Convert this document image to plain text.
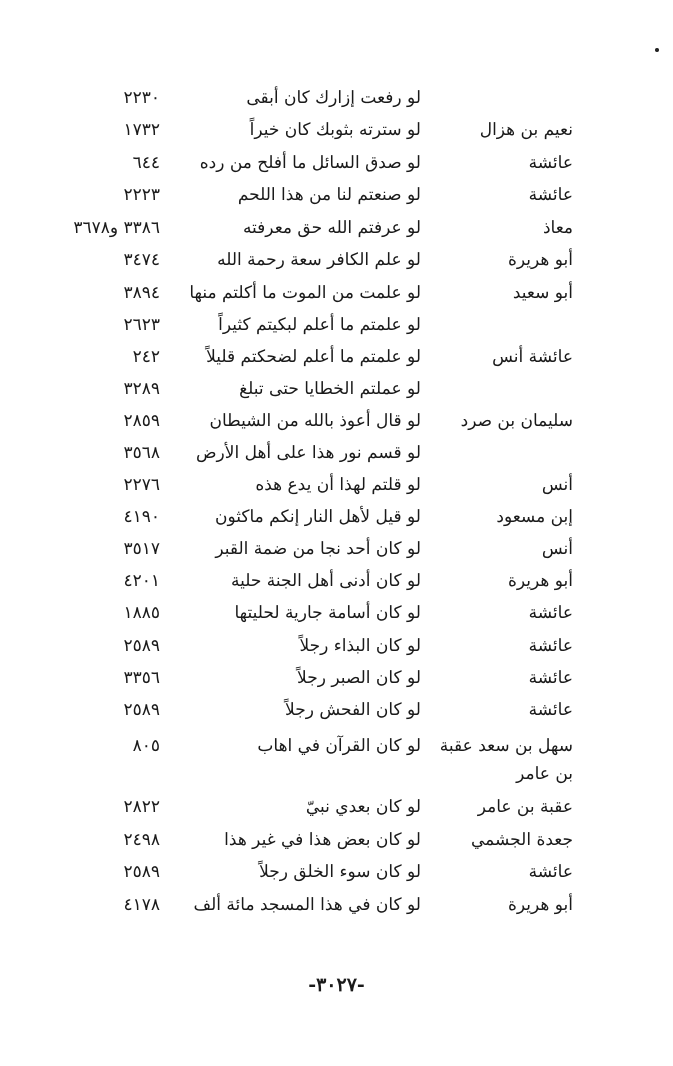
لو رفعت إزارك كان أبقى
٢٢٣٠
نعيم بن هزال
لو سترته بثوبك كان خيراً
١٧٣٢
عائشة
لو صدق السائل ما أفلح من رده
٦٤٤
عائشة
لو صنعتم لنا من هذا اللحم
٢٢٢٣
معاذ
لو عرفتم الله حق معرفته
٣٣٨٦ و٣٦٧٨
أبو هريرة
لو علم الكافر سعة رحمة الله
٣٤٧٤
أبو سعيد
لو علمت من الموت ما أكلتم منها
٣٨٩٤
لو علمتم ما أعلم لبكيتم كثيراً
٢٦٢٣
عائشة أنس
لو علمتم ما أعلم لضحكتم قليلاً
٢٤٢
لو عملتم الخطايا حتى تبلغ
٣٢٨٩
سليمان بن صرد
لو قال أعوذ بالله من الشيطان
٢٨٥٩
لو قسم نور هذا على أهل الأرض
٣٥٦٨
أنس
لو قلتم لهذا أن يدع هذه
٢٢٧٦
إبن مسعود
لو قيل لأهل النار إنكم ماكثون
٤١٩٠
أنس
لو كان أحد نجا من ضمة القبر
٣٥١٧
أبو هريرة
لو كان أدنى أهل الجنة حلية
٤٢٠١
عائشة
لو كان أسامة جارية لحليتها
١٨٨٥
عائشة
لو كان البذاء رجلاً
٢٥٨٩
عائشة
لو كان الصبر رجلاً
٣٣٥٦
عائشة
لو كان الفحش رجلاً
٢٥٨٩
سهل بن سعد عقبة
لو كان القرآن في اهاب
٨٠٥
بن عامر
عقبة بن عامر
لو كان بعدي نبيّ
٢٨٢٢
جعدة الجشمي
لو كان بعض هذا في غير هذا
٢٤٩٨
عائشة
لو كان سوء الخلق رجلاً
٢٥٨٩
أبو هريرة
لو كان في هذا المسجد مائة ألف
٤١٧٨
-٣٠٢٧-
